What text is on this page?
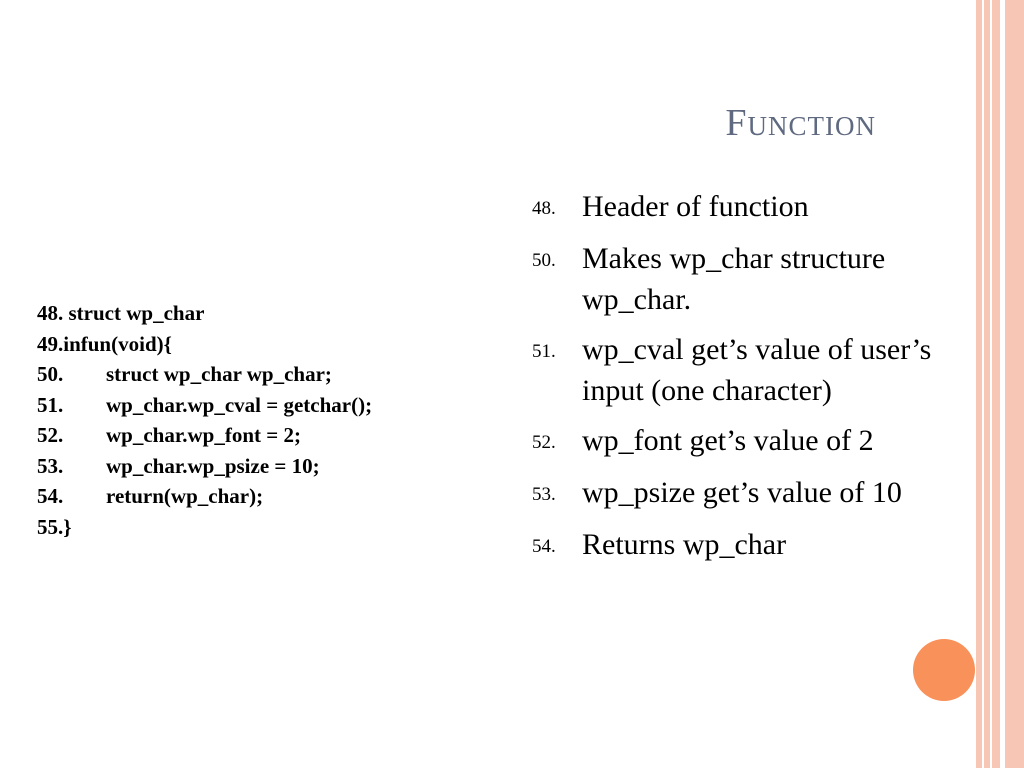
Function
48. struct wp_char
49.infun(void){
50. struct wp_char wp_char;
51. wp_char.wp_cval = getchar();
52. wp_char.wp_font = 2;
53. wp_char.wp_psize = 10;
54. return(wp_char);
55.}
48. Header of function
50. Makes wp_char structure wp_char.
51. wp_cval get’s value of user’s input (one character)
52. wp_font get’s value of 2
53. wp_psize get’s value of 10
54. Returns wp_char
